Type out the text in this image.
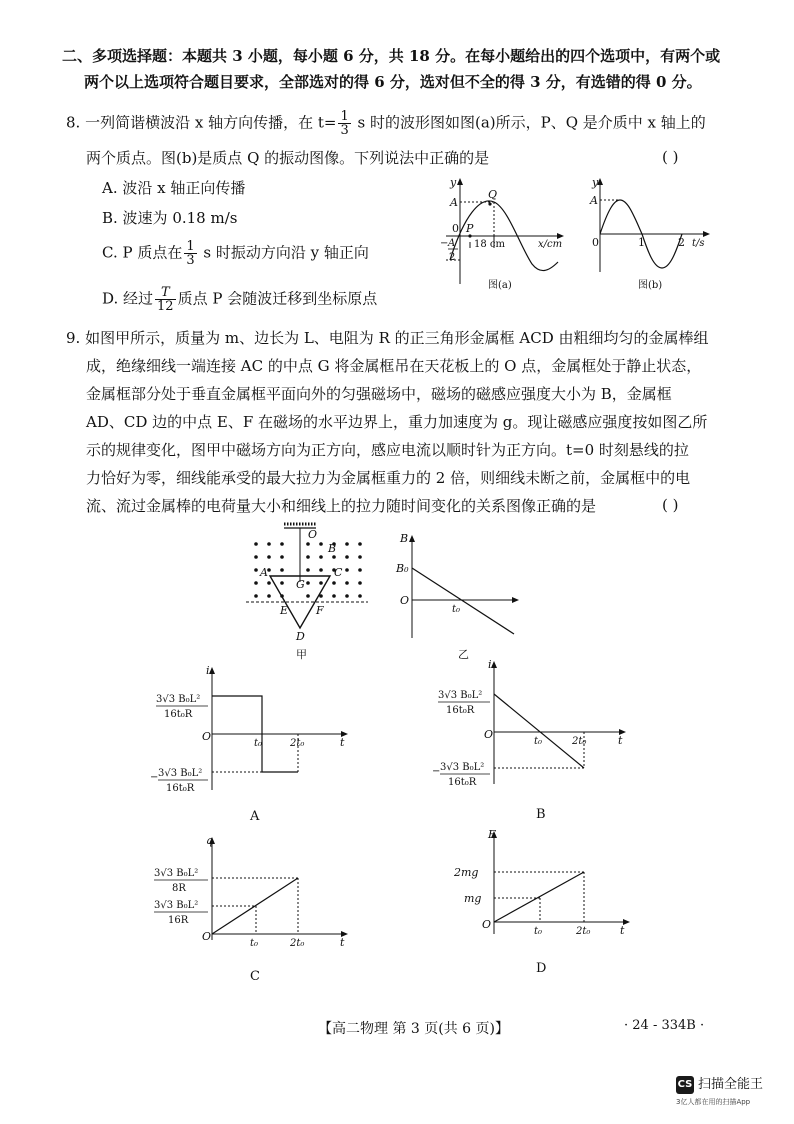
二、多项选择题：本题共 3 小题，每小题 6 分，共 18 分。在每小题给出的四个选项中，有两个或
两个以上选项符合题目要求，全部选对的得 6 分，选对但不全的得 3 分，有选错的得 0 分。
8. 一列简谐横波沿 x 轴方向传播，在 $t= \frac{1}{3}$ s 时的波形图如图(a)所示，P、Q 是介质中 x 轴上的
两个质点。图(b)是质点 Q 的振动图像。下列说法中正确的是	( )
A. 波沿 x 轴正向传播
B. 波速为 0.18 m/s
C. P 质点在 $\frac{1}{3}$ s 时振动方向沿 y 轴正向
D. 经过 $\frac{T}{12}$ 质点 P 会随波迁移到坐标原点
y
A
0 P
Q
− A
2
18 cm	x/cm
图(a)
y
A
0	1	2 t/s
图(b)
9. 如图甲所示，质量为 m、边长为 L、电阻为 R 的正三角形金属框 ACD 由粗细均匀的金属棒组
成，绝缘细线一端连接 AC 的中点 G 将金属框吊在天花板上的 O 点，金属框处于静止状态，
金属框部分处于垂直金属框平面向外的匀强磁场中，磁场的磁感应强度大小为 B，金属框
AD、CD 边的中点 E、F 在磁场的水平边界上，重力加速度为 g。现让磁感应强度按如图乙所
示的规律变化，图甲中磁场方向为正方向，感应电流以顺时针为正方向。t=0 时刻悬线的拉
力恰好为零，细线能承受的最大拉力为金属框重力的 2 倍，则细线未断之前，金属框中的电
流、流过金属棒的电荷量大小和细线上的拉力随时间变化的关系图像正确的是	( )
O
B
A
G
C
E	F
D
甲
B
B₀
O
t₀
乙
i
3√3 B₀L²
16t₀R
O
t₀	2t₀	t
− 3√3 B₀L²
16t₀R
A
i
3√3 B₀L²
16t₀R
O
t₀	2t₀	t
− 3√3 B₀L²
16t₀R
B
q
3√3 B₀L²
8R
3√3 B₀L²
16R
O
t₀	2t₀	t
C
F
2mg
mg
O
t₀	2t₀	t
D
【高二物理 第 3 页(共 6 页)】	· 24 - 334B ·
CS 扫描全能王
3亿人都在用的扫描App
